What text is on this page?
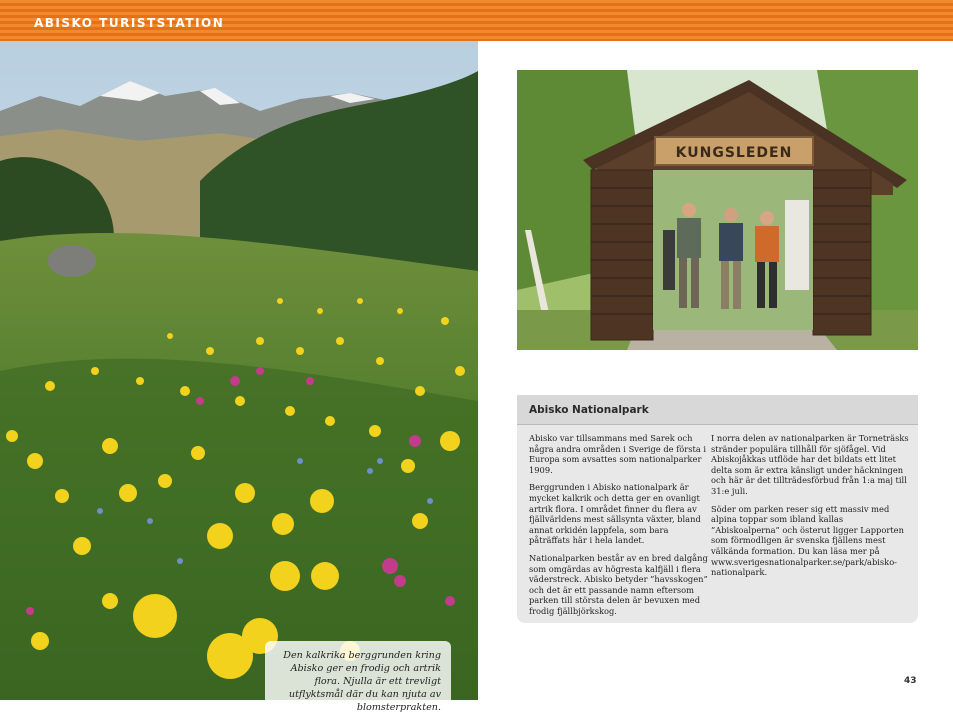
ABISKO TURISTSTATION
Den kalkrika berggrunden kring Abisko ger en frodig och artrik flora. Njulla är ett trevligt utflyktsmål där du kan njuta av blomsterprakten.
KUNGSLEDEN
Abisko Nationalpark

Abisko var tillsammans med Sarek och några andra områden i Sverige de första i Europa som avsattes som nationalparker 1909.

Berggrunden i Abisko nationalpark är mycket kalkrik och detta ger en ovanligt artrik flora. I området finner du flera av fjällvärldens mest sällsynta växter, bland annat orkidén lappfela, som bara påträffats här i hela landet.

Nationalparken består av en bred dalgång som omgärdas av högresta kalfjäll i flera väderstreck. Abisko betyder ”havsskogen” och det är ett passande namn eftersom parken till största delen är bevuxen med frodig fjällbjörkskog.

I norra delen av nationalparken är Torneträsks stränder populära tillhåll för sjöfågel. Vid Abiskojåkkas utflöde har det bildats ett litet delta som är extra känsligt under häckningen och här är det tillträdesförbud från 1:a maj till 31:e juli.

Söder om parken reser sig ett massiv med alpina toppar som ibland kallas ”Abiskoalperna” och österut ligger Lapporten som förmodligen är svenska fjällens mest välkända formation. Du kan läsa mer på www.sverigesnationalparker.se/park/abisko-nationalpark.

43
